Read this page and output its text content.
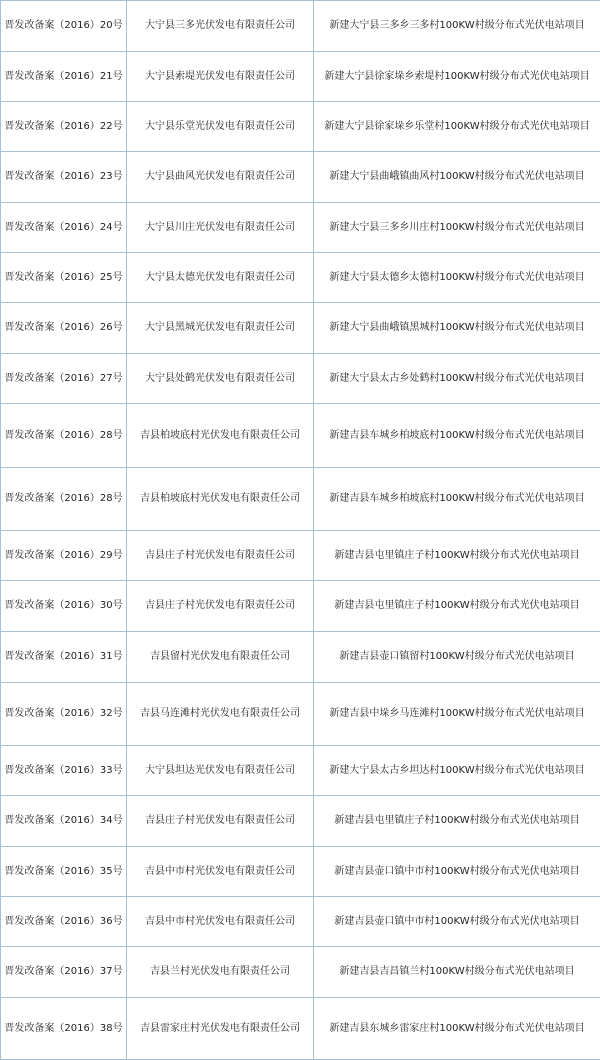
晋发改备案（2016）20号	大宁县三多光伏发电有限责任公司	新建大宁县三多乡三多村100KW村级分布式光伏电站项目
晋发改备案（2016）21号	大宁县索堤光伏发电有限责任公司	新建大宁县徐家垛乡索堤村100KW村级分布式光伏电站项目
晋发改备案（2016）22号	大宁县乐堂光伏发电有限责任公司	新建大宁县徐家垛乡乐堂村100KW村级分布式光伏电站项目
晋发改备案（2016）23号	大宁县曲风光伏发电有限责任公司	新建大宁县曲峨镇曲风村100KW村级分布式光伏电站项目
晋发改备案（2016）24号	大宁县川庄光伏发电有限责任公司	新建大宁县三多乡川庄村100KW村级分布式光伏电站项目
晋发改备案（2016）25号	大宁县太德光伏发电有限责任公司	新建大宁县太德乡太德村100KW村级分布式光伏电站项目
晋发改备案（2016）26号	大宁县黑城光伏发电有限责任公司	新建大宁县曲峨镇黑城村100KW村级分布式光伏电站项目
晋发改备案（2016）27号	大宁县处鹤光伏发电有限责任公司	新建大宁县太古乡处鹤村100KW村级分布式光伏电站项目
晋发改备案（2016）28号	吉县柏坡底村光伏发电有限责任公司	新建吉县车城乡柏坡底村100KW村级分布式光伏电站项目
晋发改备案（2016）28号	吉县柏坡底村光伏发电有限责任公司	新建吉县车城乡柏坡底村100KW村级分布式光伏电站项目
晋发改备案（2016）29号	吉县庄子村光伏发电有限责任公司	新建吉县屯里镇庄子村100KW村级分布式光伏电站项目
晋发改备案（2016）30号	吉县庄子村光伏发电有限责任公司	新建吉县屯里镇庄子村100KW村级分布式光伏电站项目
晋发改备案（2016）31号	吉县留村光伏发电有限责任公司	新建吉县壶口镇留村100KW村级分布式光伏电站项目
晋发改备案（2016）32号	吉县马连滩村光伏发电有限责任公司	新建吉县中垛乡马连滩村100KW村级分布式光伏电站项目
晋发改备案（2016）33号	大宁县坦达光伏发电有限责任公司	新建大宁县太古乡坦达村100KW村级分布式光伏电站项目
晋发改备案（2016）34号	吉县庄子村光伏发电有限责任公司	新建吉县屯里镇庄子村100KW村级分布式光伏电站项目
晋发改备案（2016）35号	吉县中市村光伏发电有限责任公司	新建吉县壶口镇中市村100KW村级分布式光伏电站项目
晋发改备案（2016）36号	吉县中市村光伏发电有限责任公司	新建吉县壶口镇中市村100KW村级分布式光伏电站项目
晋发改备案（2016）37号	吉县兰村光伏发电有限责任公司	新建吉县吉昌镇兰村100KW村级分布式光伏电站项目
晋发改备案（2016）38号	吉县雷家庄村光伏发电有限责任公司	新建吉县东城乡雷家庄村100KW村级分布式光伏电站项目
